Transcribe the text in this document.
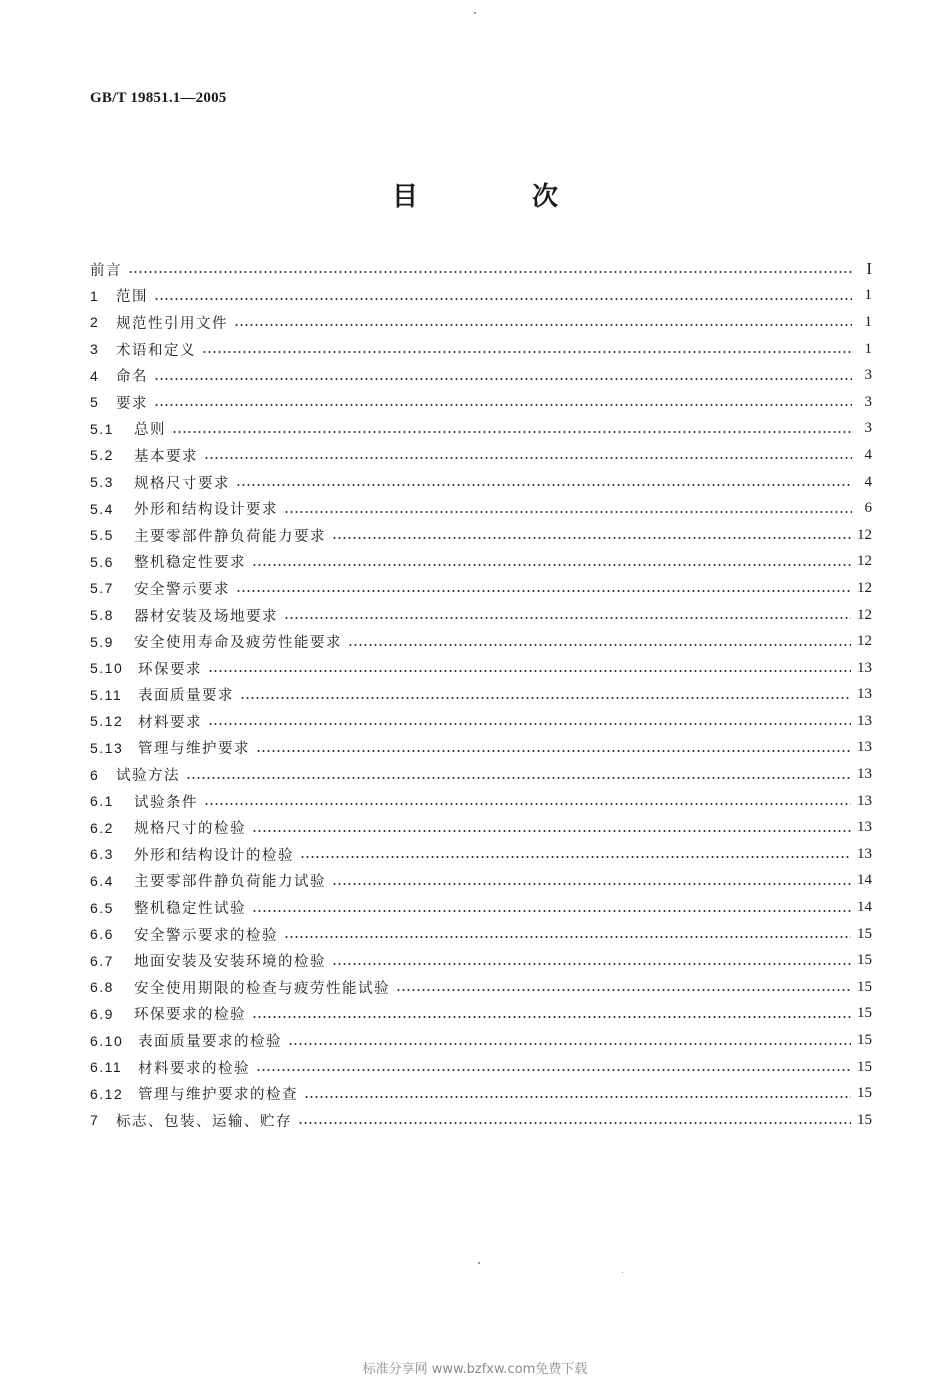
GB/T 19851.1—2005
目　次
前言	I
1	范围	1
2	规范性引用文件	1
3	术语和定义	1
4	命名	3
5	要求	3
5.1	总则	3
5.2	基本要求	4
5.3	规格尺寸要求	4
5.4	外形和结构设计要求	6
5.5	主要零部件静负荷能力要求	12
5.6	整机稳定性要求	12
5.7	安全警示要求	12
5.8	器材安装及场地要求	12
5.9	安全使用寿命及疲劳性能要求	12
5.10	环保要求	13
5.11	表面质量要求	13
5.12	材料要求	13
5.13	管理与维护要求	13
6	试验方法	13
6.1	试验条件	13
6.2	规格尺寸的检验	13
6.3	外形和结构设计的检验	13
6.4	主要零部件静负荷能力试验	14
6.5	整机稳定性试验	14
6.6	安全警示要求的检验	15
6.7	地面安装及安装环境的检验	15
6.8	安全使用期限的检查与疲劳性能试验	15
6.9	环保要求的检验	15
6.10	表面质量要求的检验	15
6.11	材料要求的检验	15
6.12	管理与维护要求的检查	15
7	标志、包装、运输、贮存	15
标准分享网 www.bzfxw.com免费下载
